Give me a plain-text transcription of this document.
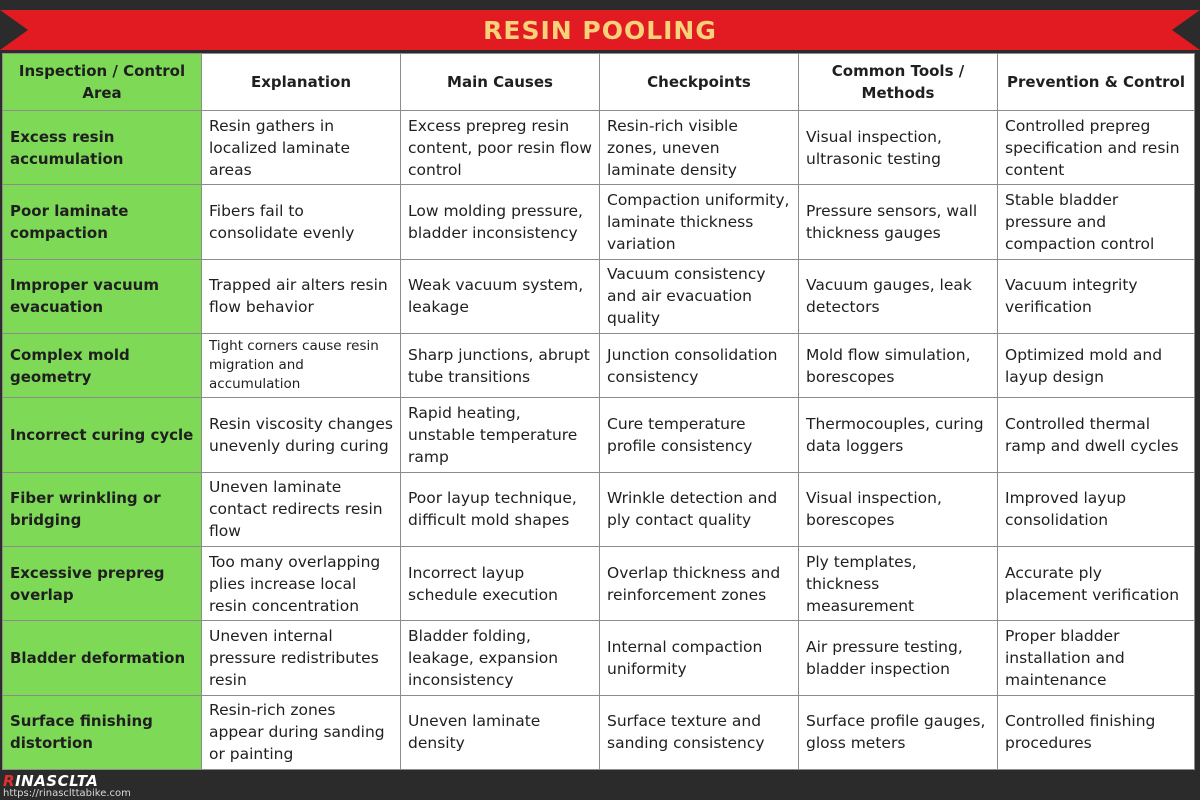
RESIN POOLING
Inspection / Control Area	Explanation	Main Causes	Checkpoints	Common Tools / Methods	Prevention & Control
Excess resin accumulation	Resin gathers in localized laminate areas	Excess prepreg resin content, poor resin flow control	Resin-rich visible zones, uneven laminate density	Visual inspection, ultrasonic testing	Controlled prepreg specification and resin content
Poor laminate compaction	Fibers fail to consolidate evenly	Low molding pressure, bladder inconsistency	Compaction uniformity, laminate thickness variation	Pressure sensors, wall thickness gauges	Stable bladder pressure and compaction control
Improper vacuum evacuation	Trapped air alters resin flow behavior	Weak vacuum system, leakage	Vacuum consistency and air evacuation quality	Vacuum gauges, leak detectors	Vacuum integrity verification
Complex mold geometry	Tight corners cause resin migration and accumulation	Sharp junctions, abrupt tube transitions	Junction consolidation consistency	Mold flow simulation, borescopes	Optimized mold and layup design
Incorrect curing cycle	Resin viscosity changes unevenly during curing	Rapid heating, unstable temperature ramp	Cure temperature profile consistency	Thermocouples, curing data loggers	Controlled thermal ramp and dwell cycles
Fiber wrinkling or bridging	Uneven laminate contact redirects resin flow	Poor layup technique, difficult mold shapes	Wrinkle detection and ply contact quality	Visual inspection, borescopes	Improved layup consolidation
Excessive prepreg overlap	Too many overlapping plies increase local resin concentration	Incorrect layup schedule execution	Overlap thickness and reinforcement zones	Ply templates, thickness measurement	Accurate ply placement verification
Bladder deformation	Uneven internal pressure redistributes resin	Bladder folding, leakage, expansion inconsistency	Internal compaction uniformity	Air pressure testing, bladder inspection	Proper bladder installation and maintenance
Surface finishing distortion	Resin-rich zones appear during sanding or painting	Uneven laminate density	Surface texture and sanding consistency	Surface profile gauges, gloss meters	Controlled finishing procedures
RINASCLTA
https://rinasclttabike.com
